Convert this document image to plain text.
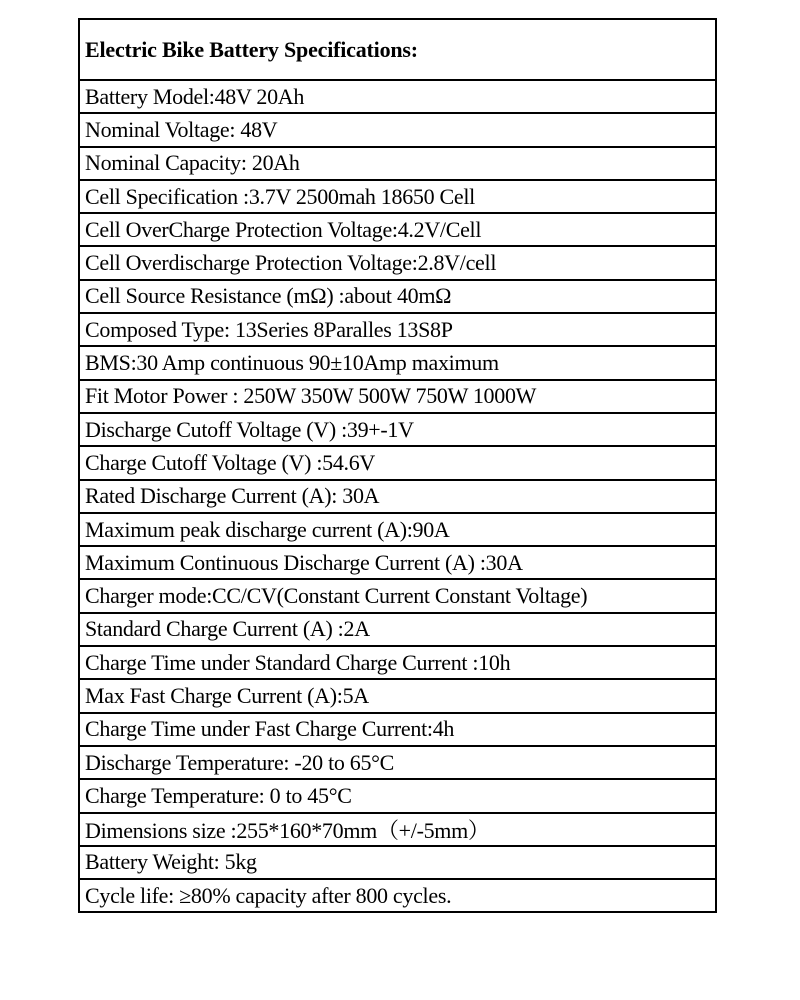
Electric Bike Battery Specifications:
Battery Model:48V 20Ah
Nominal Voltage: 48V
Nominal Capacity: 20Ah
Cell Specification :3.7V 2500mah 18650 Cell
Cell OverCharge Protection Voltage:4.2V/Cell
Cell Overdischarge Protection Voltage:2.8V/cell
Cell Source Resistance (mΩ) :about 40mΩ
Composed Type: 13Series 8Paralles 13S8P
BMS:30 Amp continuous 90±10Amp maximum
Fit Motor Power : 250W 350W 500W 750W 1000W
Discharge Cutoff Voltage (V) :39+-1V
Charge Cutoff Voltage (V) :54.6V
Rated Discharge Current (A): 30A
Maximum peak discharge current (A):90A
Maximum Continuous Discharge Current (A) :30A
Charger mode:CC/CV(Constant Current Constant Voltage)
Standard Charge Current (A) :2A
Charge Time under Standard Charge Current :10h
Max Fast Charge Current (A):5A
Charge Time under Fast Charge Current:4h
Discharge Temperature: -20 to 65°C
Charge Temperature: 0 to 45°C
Dimensions size :255*160*70mm（+/-5mm）
Battery Weight: 5kg
Cycle life: ≥80% capacity after 800 cycles.
